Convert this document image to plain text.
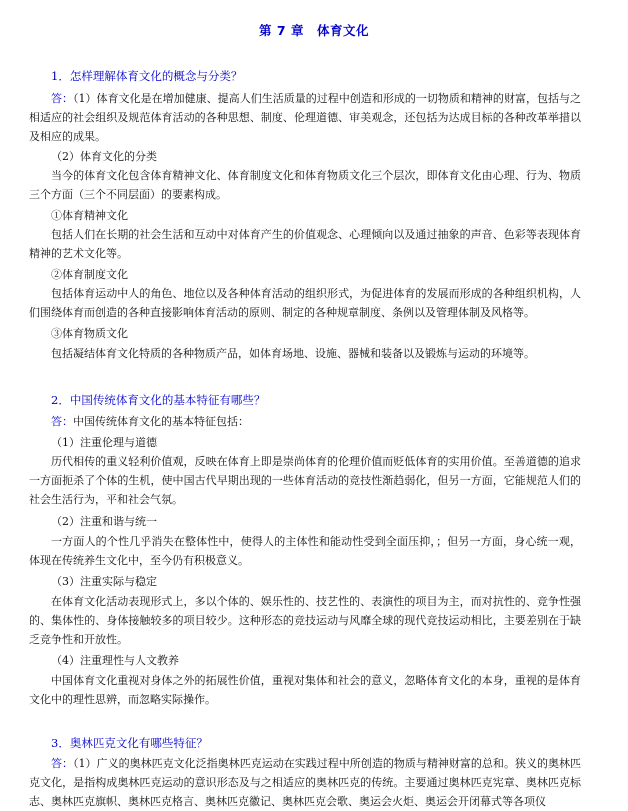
第 7 章　体育文化
1．怎样理解体育文化的概念与分类？
答：（1）体育文化是在增加健康、提高人们生活质量的过程中创造和形成的一切物质和精神的财富，包括与之相适应的社会组织及规范体育活动的各种思想、制度、伦理道德、审美观念，还包括为达成目标的各种改革举措以及相应的成果。
（2）体育文化的分类
当今的体育文化包含体育精神文化、体育制度文化和体育物质文化三个层次，即体育文化由心理、行为、物质三个方面（三个不同层面）的要素构成。
①体育精神文化
包括人们在长期的社会生活和互动中对体育产生的价值观念、心理倾向以及通过抽象的声音、色彩等表现体育精神的艺术文化等。
②体育制度文化
包括体育运动中人的角色、地位以及各种体育活动的组织形式，为促进体育的发展而形成的各种组织机构，人们围绕体育而创造的各种直接影响体育活动的原则、制定的各种规章制度、条例以及管理体制及风格等。
③体育物质文化
包括凝结体育文化特质的各种物质产品，如体育场地、设施、器械和装备以及锻炼与运动的环境等。
2．中国传统体育文化的基本特征有哪些？
答：中国传统体育文化的基本特征包括：
（1）注重伦理与道德
历代相传的重义轻利价值观，反映在体育上即是崇尚体育的伦理价值而贬低体育的实用价值。至善道德的追求一方面扼杀了个体的生机，使中国古代早期出现的一些体育活动的竞技性渐趋弱化，但另一方面，它能规范人们的社会生活行为，平和社会气氛。
（2）注重和谐与统一
一方面人的个性几乎消失在整体性中，使得人的主体性和能动性受到全面压抑，；但另一方面，身心统一观，体现在传统养生文化中，至今仍有积极意义。
（3）注重实际与稳定
在体育文化活动表现形式上，多以个体的、娱乐性的、技艺性的、表演性的项目为主，而对抗性的、竞争性强的、集体性的、身体接触较多的项目较少。这种形态的竞技运动与风靡全球的现代竞技运动相比，主要差别在于缺乏竞争性和开放性。
（4）注重理性与人文教养
中国体育文化重视对身体之外的拓展性价值，重视对集体和社会的意义，忽略体育文化的本身，重视的是体育文化中的理性思辨，而忽略实际操作。
3．奥林匹克文化有哪些特征？
答：（1）广义的奥林匹克文化泛指奥林匹克运动在实践过程中所创造的物质与精神财富的总和。狭义的奥林匹克文化，是指构成奥林匹克运动的意识形态及与之相适应的奥林匹克的传统。主要通过奥林匹克宪章、奥林匹克标志、奥林匹克旗帜、奥林匹克格言、奥林匹克徽记、奥林匹克会歌、奥运会火炬、奥运会开闭幕式等各项仪
